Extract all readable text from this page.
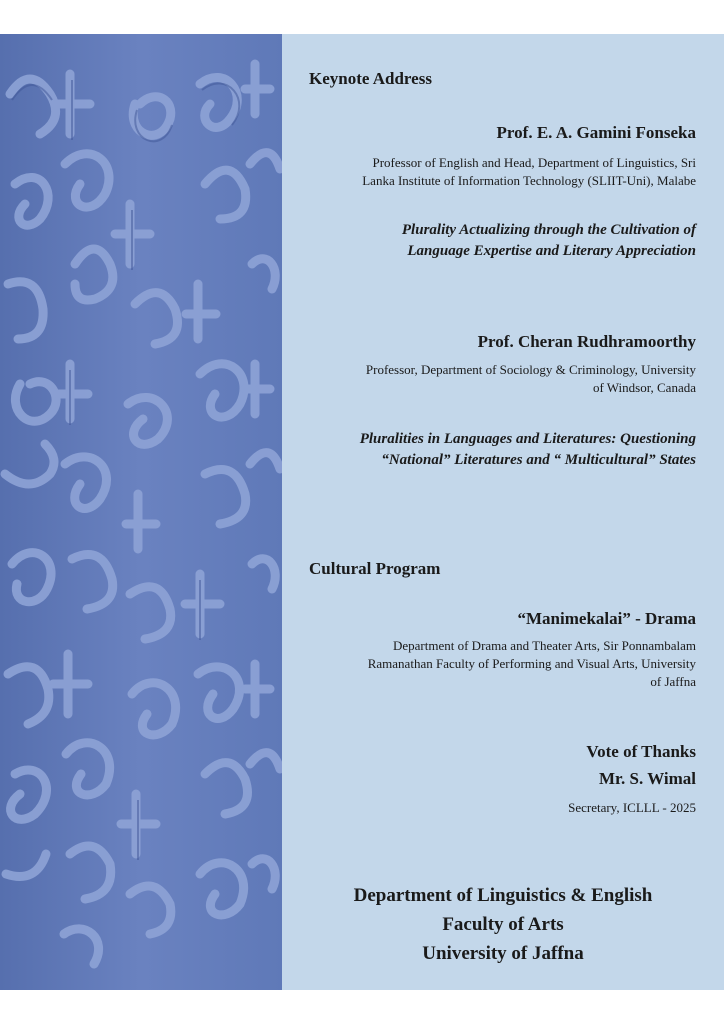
Keynote Address
Prof. E. A. Gamini Fonseka
Professor of English and Head, Department of Linguistics, Sri
Lanka Institute of Information Technology (SLIIT-Uni), Malabe
Plurality Actualizing through the Cultivation of
Language Expertise and Literary Appreciation
Prof. Cheran Rudhramoorthy
Professor, Department of Sociology & Criminology, University
of Windsor, Canada
Pluralities in Languages and Literatures: Questioning
“National” Literatures and “ Multicultural” States
Cultural Program
“Manimekalai” - Drama
Department of Drama and Theater Arts, Sir Ponnambalam
Ramanathan Faculty of Performing and Visual Arts, University
of Jaffna
Vote of Thanks
Mr. S. Wimal
Secretary, ICLLL - 2025
Department of Linguistics & English
Faculty of Arts
University of Jaffna
